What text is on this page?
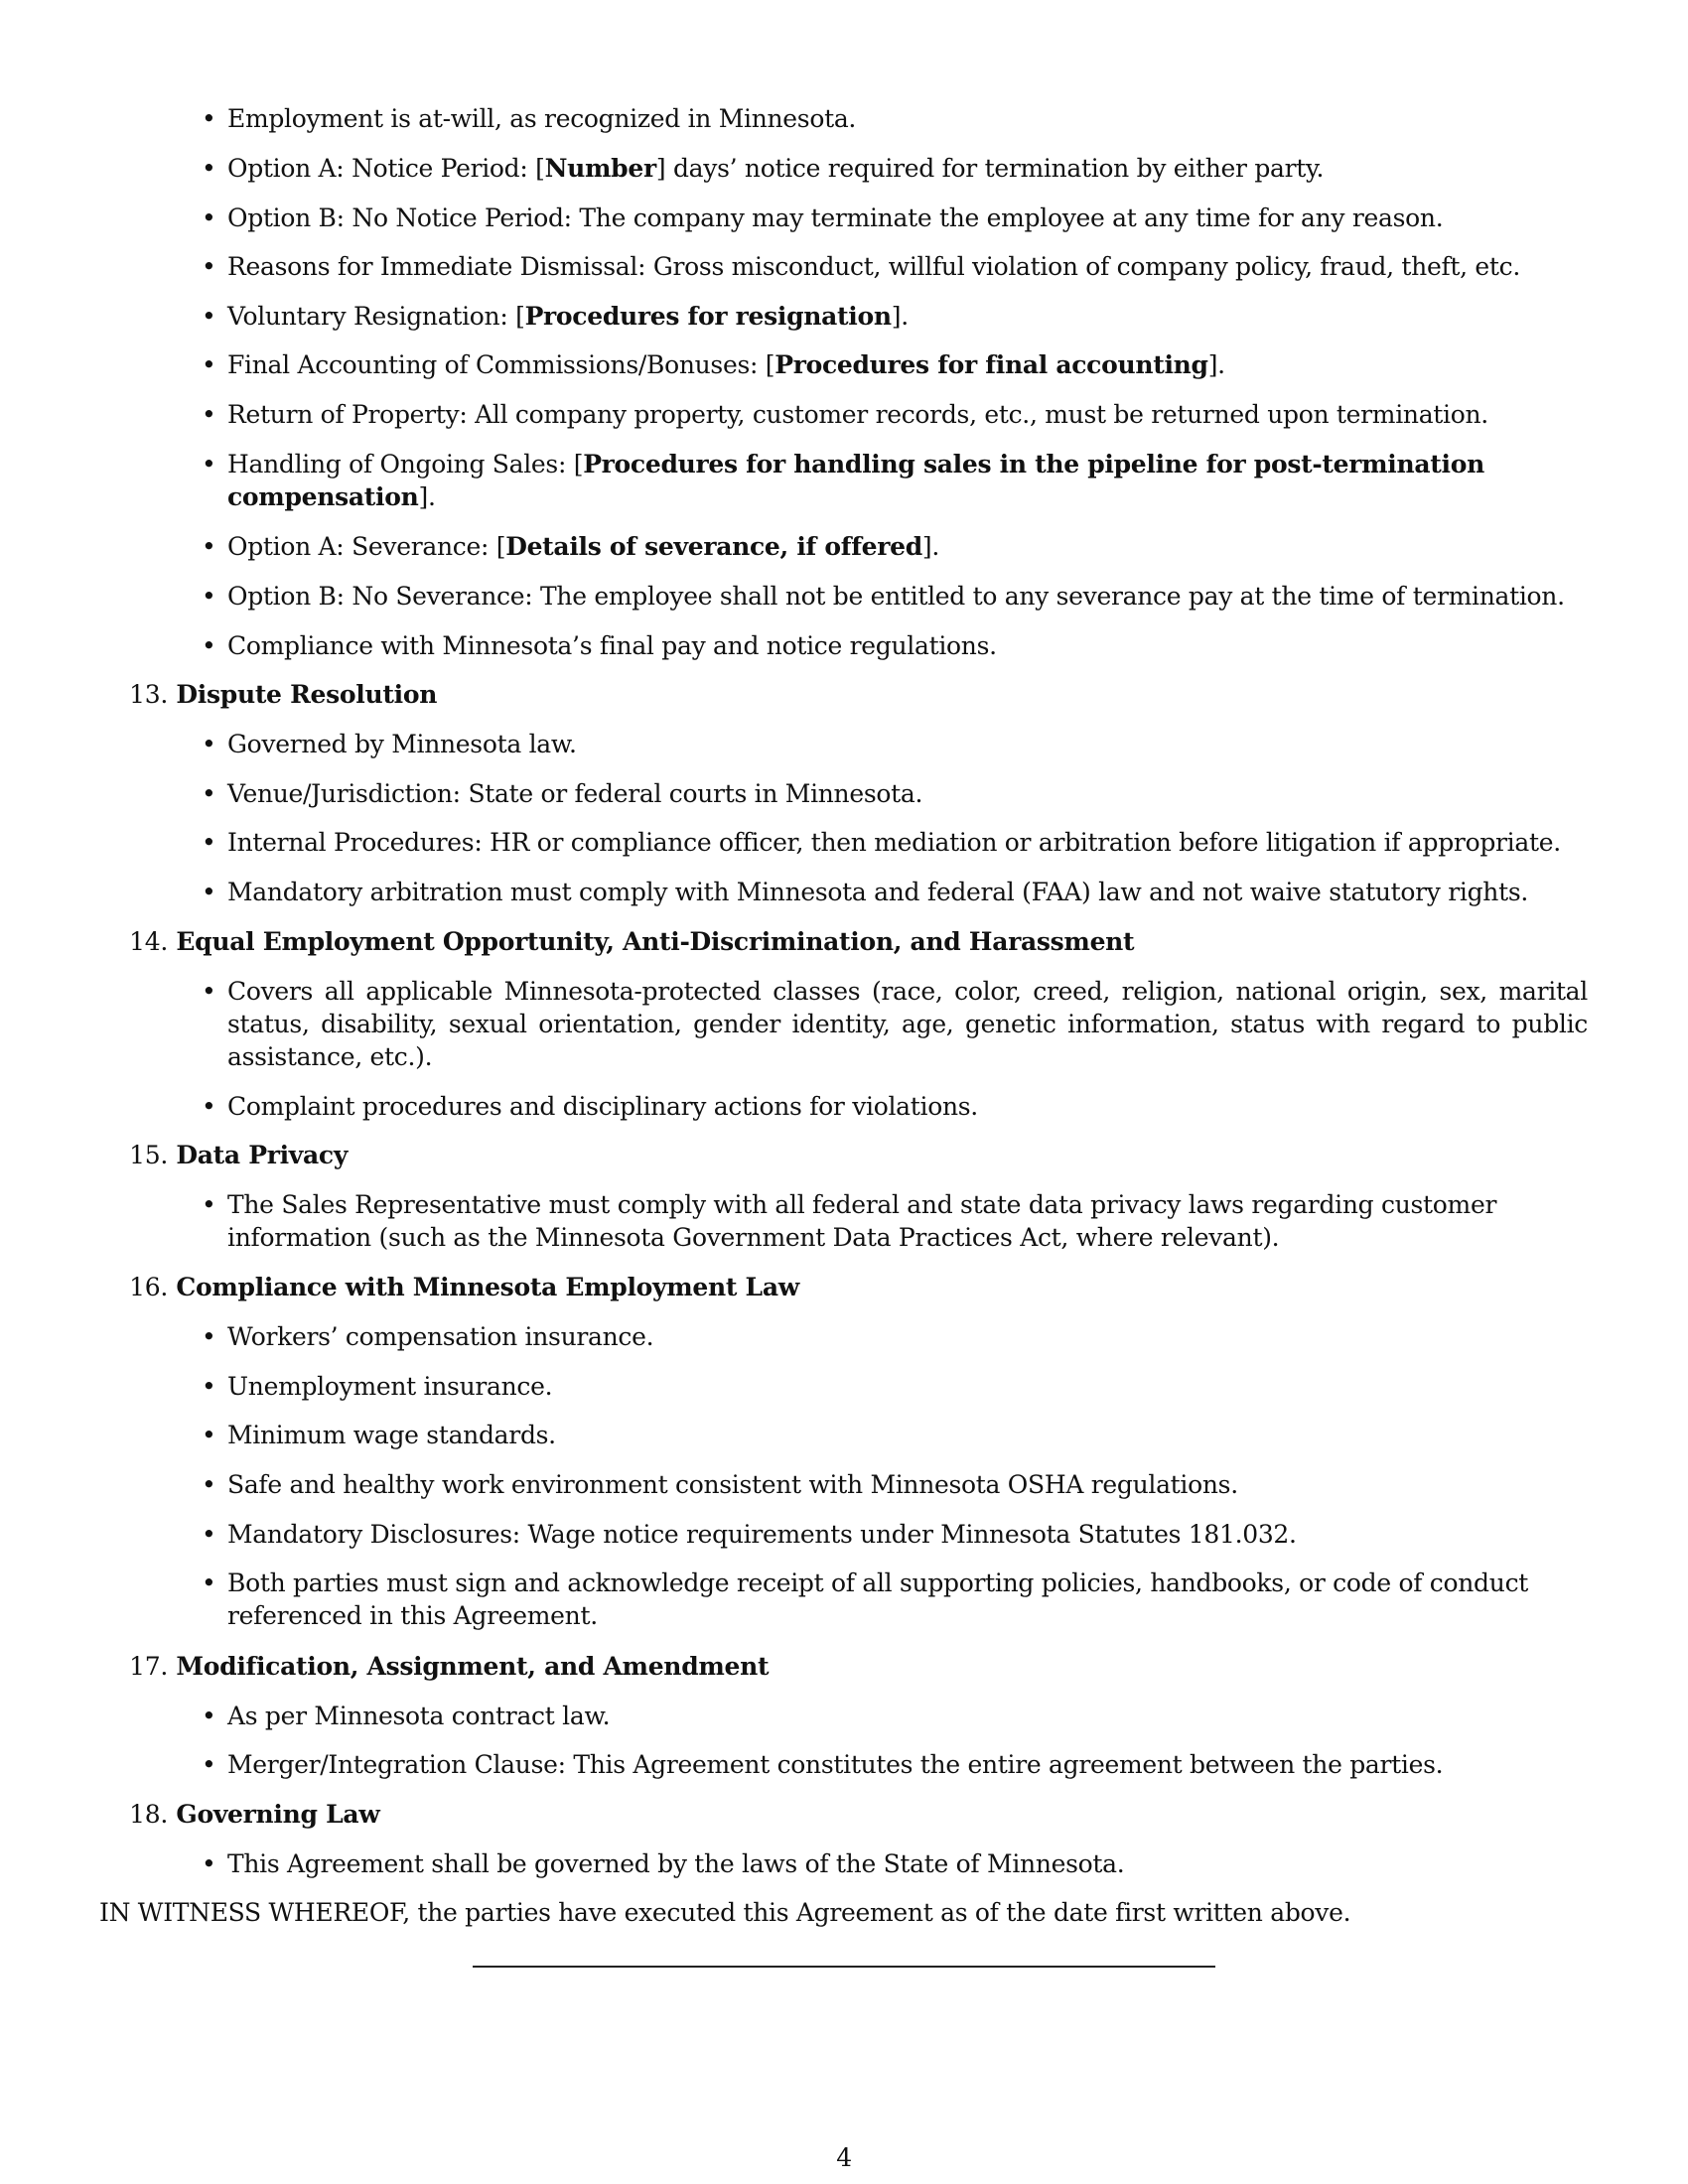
• Employment is at-will, as recognized in Minnesota.

• Option A: Notice Period: [Number] days’ notice required for termination by either party.

• Option B: No Notice Period: The company may terminate the employee at any time for any reason.

• Reasons for Immediate Dismissal: Gross misconduct, willful violation of company policy, fraud, theft, etc.

• Voluntary Resignation: [Procedures for resignation].

• Final Accounting of Commissions/Bonuses: [Procedures for final accounting].

• Return of Property: All company property, customer records, etc., must be returned upon termination.

• Handling of Ongoing Sales: [Procedures for handling sales in the pipeline for post-termination compensation].

• Option A: Severance: [Details of severance, if offered].

• Option B: No Severance: The employee shall not be entitled to any severance pay at the time of termination.

• Compliance with Minnesota’s final pay and notice regulations.

13. Dispute Resolution

• Governed by Minnesota law.

• Venue/Jurisdiction: State or federal courts in Minnesota.

• Internal Procedures: HR or compliance officer, then mediation or arbitration before litigation if appropriate.

• Mandatory arbitration must comply with Minnesota and federal (FAA) law and not waive statutory rights.

14. Equal Employment Opportunity, Anti-Discrimination, and Harassment

• Covers all applicable Minnesota-protected classes (race, color, creed, religion, national origin, sex, marital status, disability, sexual orientation, gender identity, age, genetic information, status with regard to public assistance, etc.).

• Complaint procedures and disciplinary actions for violations.

15. Data Privacy

• The Sales Representative must comply with all federal and state data privacy laws regarding customer information (such as the Minnesota Government Data Practices Act, where relevant).

16. Compliance with Minnesota Employment Law

• Workers’ compensation insurance.

• Unemployment insurance.

• Minimum wage standards.

• Safe and healthy work environment consistent with Minnesota OSHA regulations.

• Mandatory Disclosures: Wage notice requirements under Minnesota Statutes 181.032.

• Both parties must sign and acknowledge receipt of all supporting policies, handbooks, or code of conduct referenced in this Agreement.

17. Modification, Assignment, and Amendment

• As per Minnesota contract law.

• Merger/Integration Clause: This Agreement constitutes the entire agreement between the parties.

18. Governing Law

• This Agreement shall be governed by the laws of the State of Minnesota.

IN WITNESS WHEREOF, the parties have executed this Agreement as of the date first written above.

4
